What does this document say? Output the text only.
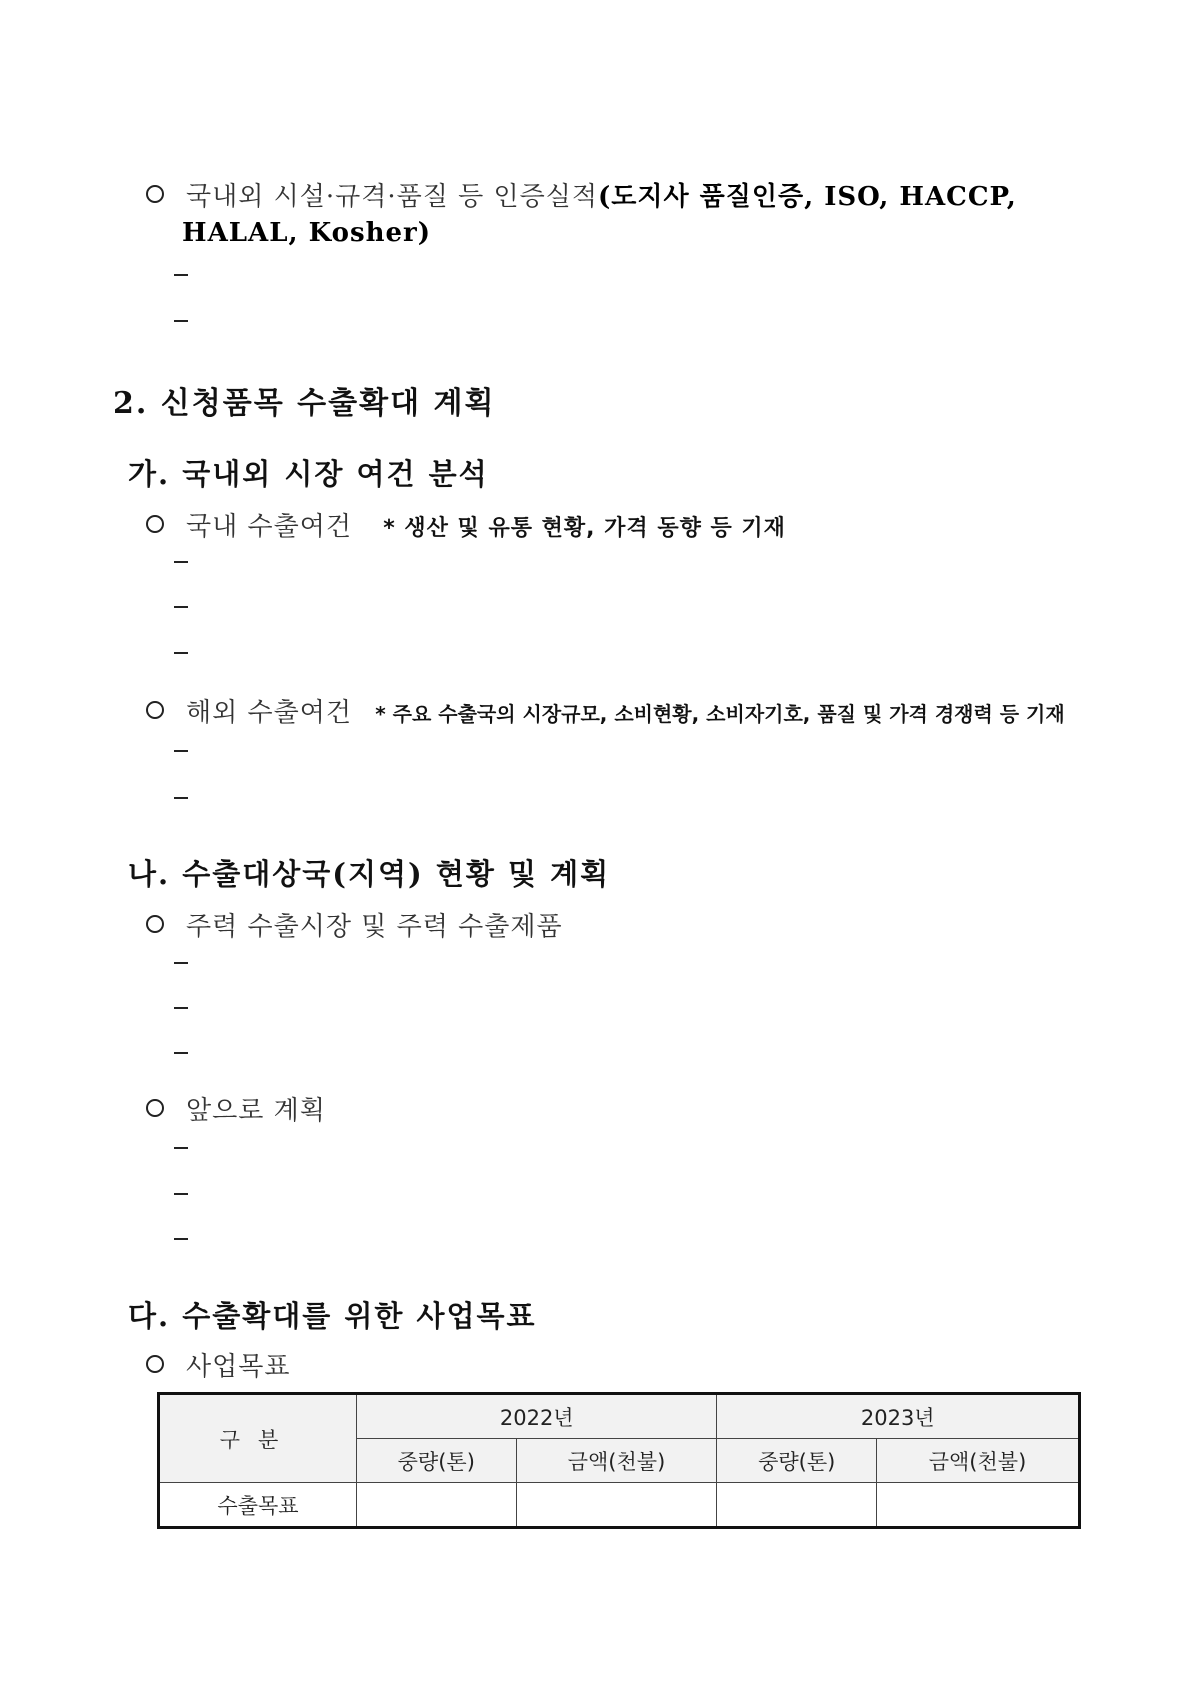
국내외 시설·규격·품질 등 인증실적(도지사 품질인증, ISO, HACCP,
HALAL, Kosher)
2. 신청품목 수출확대 계획
가. 국내외 시장 여건 분석
국내 수출여건 * 생산 및 유통 현황, 가격 동향 등 기재
해외 수출여건 * 주요 수출국의 시장규모, 소비현황, 소비자기호, 품질 및 가격 경쟁력 등 기재
나. 수출대상국(지역) 현황 및 계획
주력 수출시장 및 주력 수출제품
앞으로 계획
다. 수출확대를 위한 사업목표
사업목표
구분	2022년		2023년	
	중량(톤)	금액(천불)	중량(톤)	금액(천불)
수출목표				
